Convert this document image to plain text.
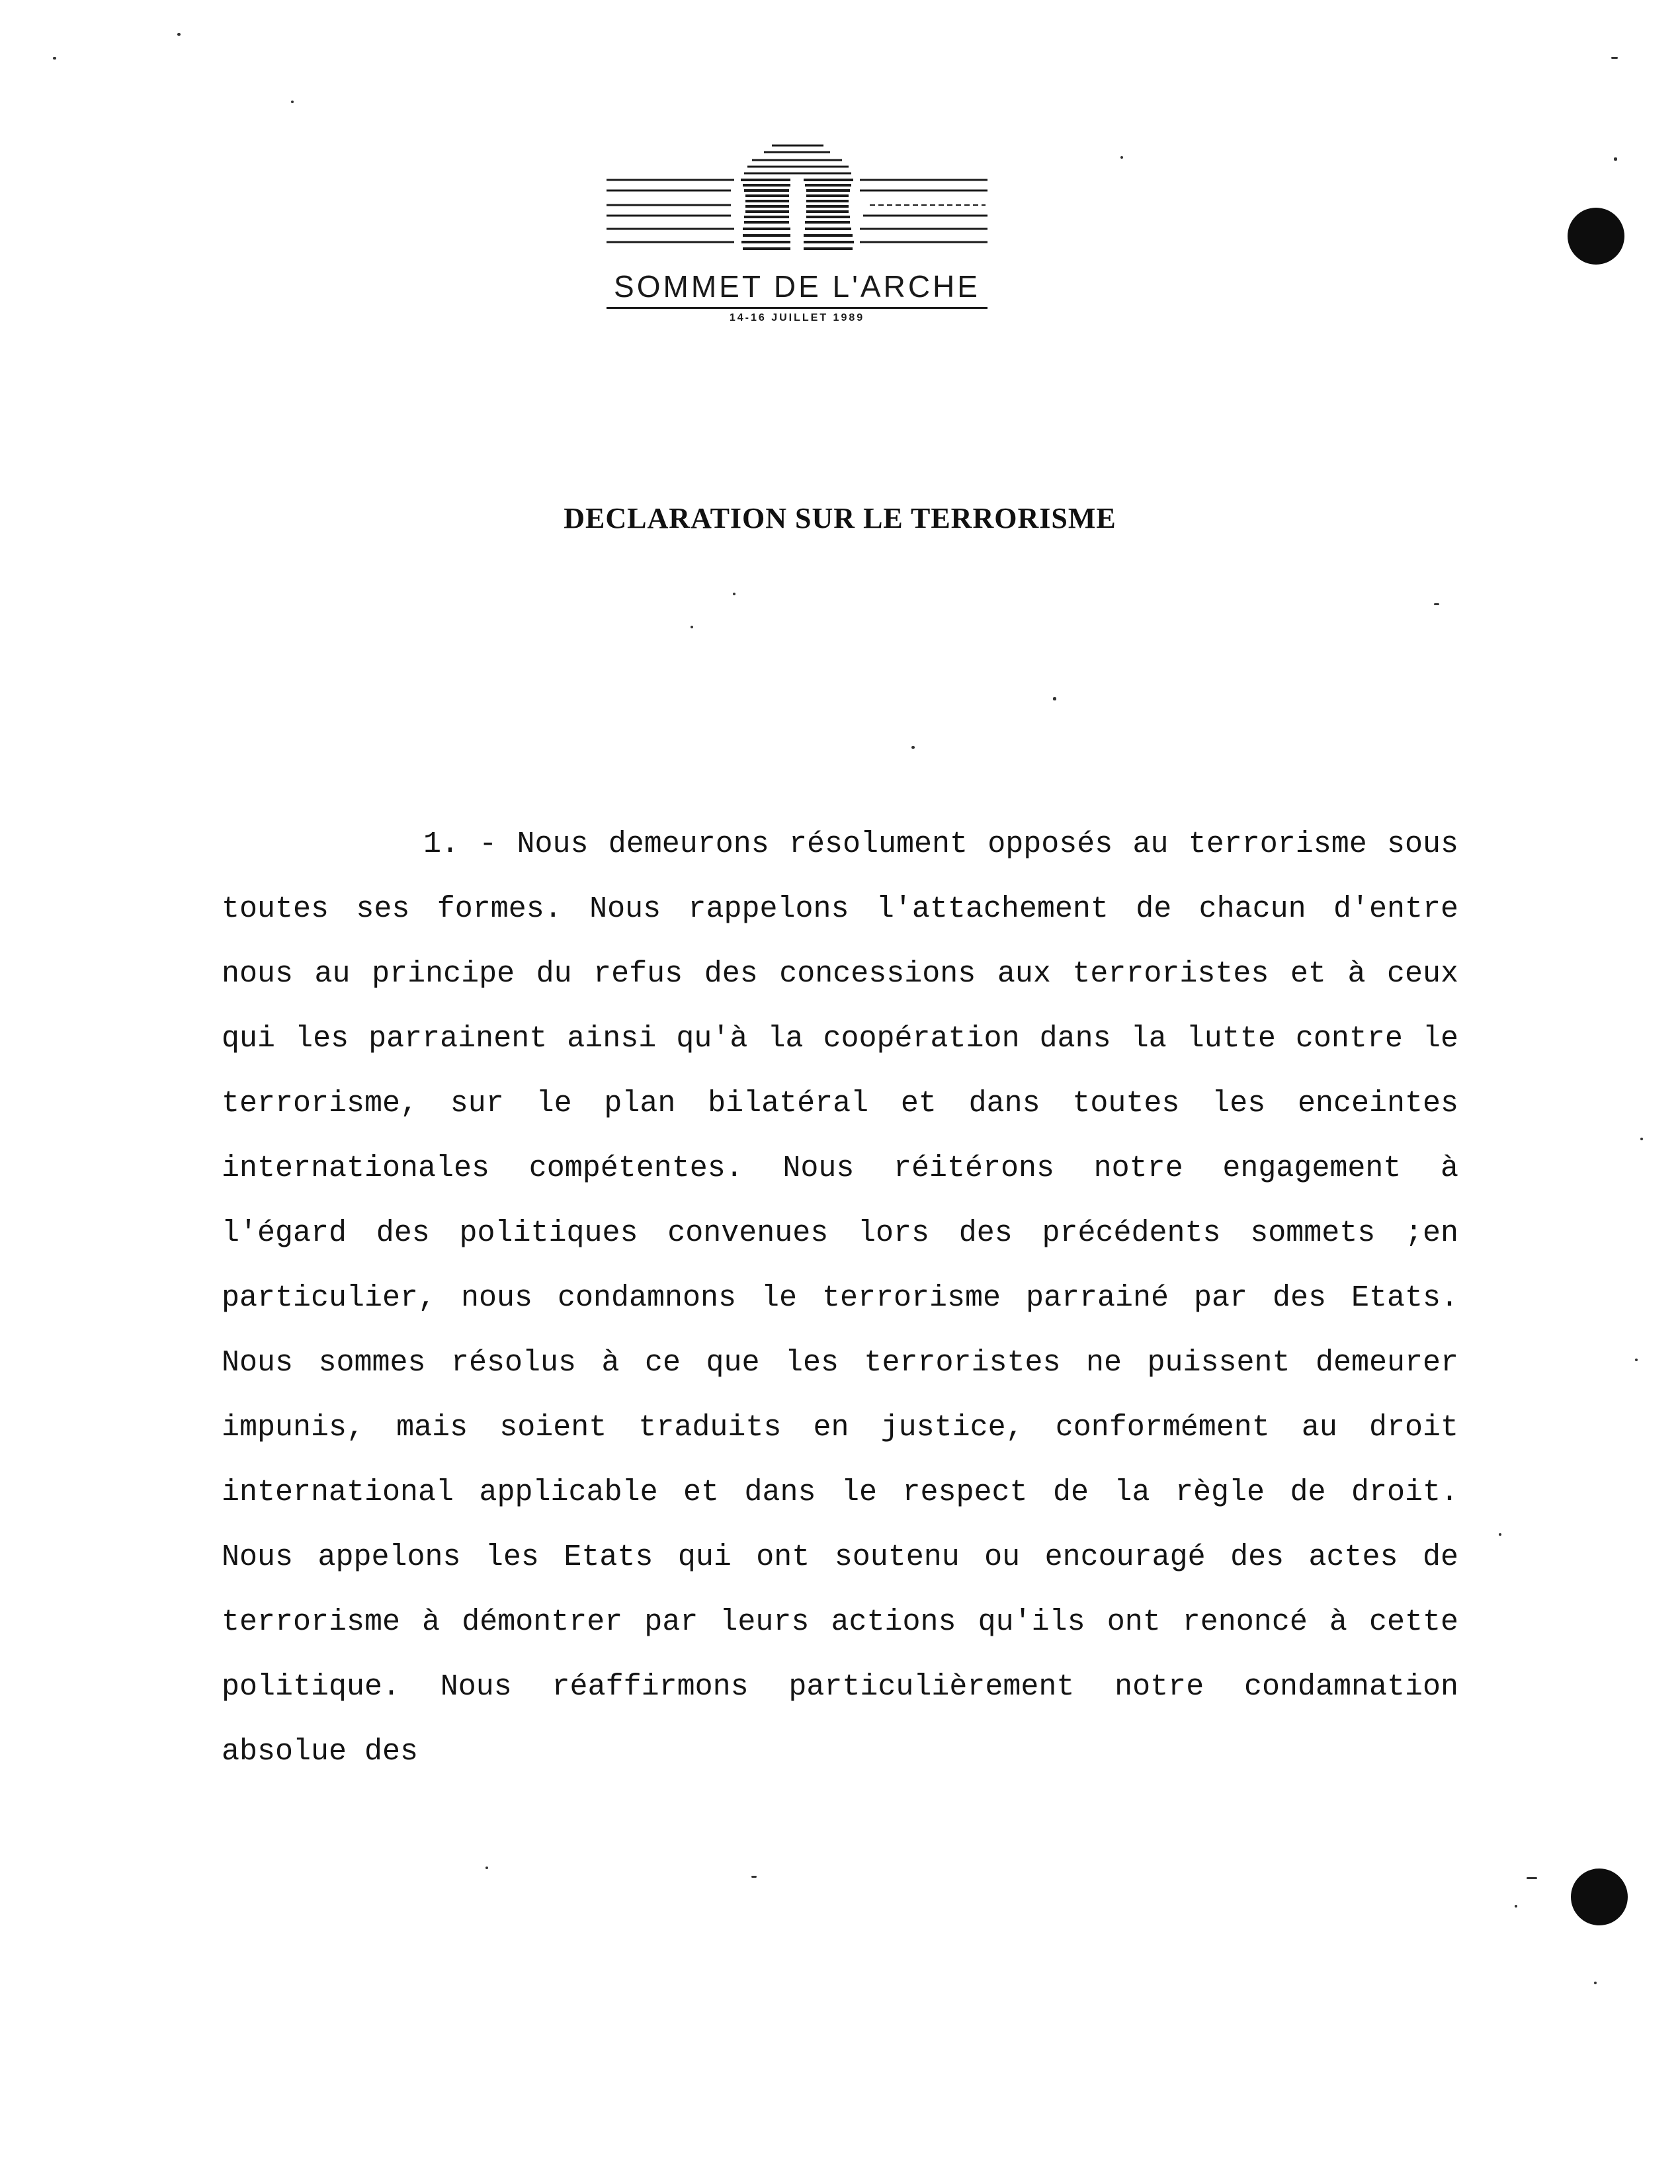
SOMMET DE L'ARCHE
14-16 JUILLET 1989
DECLARATION SUR LE TERRORISME

1. - Nous demeurons résolument opposés au terrorisme sous toutes ses formes. Nous rappelons l'attachement de chacun d'entre nous au principe du refus des concessions aux terroristes et à ceux qui les parrainent ainsi qu'à la coopération dans la lutte contre le terrorisme, sur le plan bilatéral et dans toutes les enceintes internationales compétentes. Nous réitérons notre engagement à l'égard des politiques convenues lors des précédents sommets ;en particulier, nous condamnons le terrorisme parrainé par des Etats. Nous sommes résolus à ce que les terroristes ne puissent demeurer impunis, mais soient traduits en justice, conformément au droit international applicable et dans le respect de la règle de droit. Nous appelons les Etats qui ont soutenu ou encouragé des actes de terrorisme à démontrer par leurs actions qu'ils ont renoncé à cette politique. Nous réaffirmons particulièrement notre condamnation absolue des
